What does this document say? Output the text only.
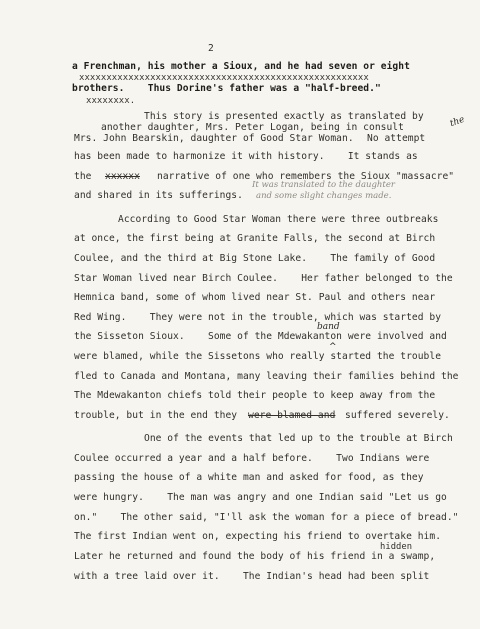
2
a Frenchman, his mother a Sioux, and he had seven or eight
xxxxxxxxxxxxxxxxxxxxxxxxxxxxxxxxxxxxxxxxxxxxxxxxxxxxx
brothers.    Thus Dorine's father was a "half-breed."
xxxxxxxx.
This story is presented exactly as translated by
another daughter, Mrs. Peter Logan, being in consult	the
Mrs. John Bearskin, daughter of Good Star Woman. No attempt
has been made to harmonize it with history.    It stands as
the xxxxxx narrative of one who remembers the Sioux "massacre"
and shared in its sufferings.
It was translated to the daughter
and some slight changes made.
According to Good Star Woman there were three outbreaks
at once, the first being at Granite Falls, the second at Birch
Coulee, and the third at Big Stone Lake.    The family of Good
Star Woman lived near Birch Coulee.    Her father belonged to the
Hemnica band, some of whom lived near St. Paul and others near
Red Wing.    They were not in the trouble, which was started by
band
the Sisseton Sioux.    Some of the Mdewakanton were involved and
^
were blamed, while the Sissetons who really started the trouble
fled to Canada and Montana, many leaving their families behind the
The Mdewakanton chiefs told their people to keep away from the
trouble, but in the end they were blamed and suffered severely.
One of the events that led up to the trouble at Birch
Coulee occurred a year and a half before.    Two Indians were
passing the house of a white man and asked for food, as they
were hungry.    The man was angry and one Indian said "Let us go
on."    The other said, "I'll ask the woman for a piece of bread."
The first Indian went on, expecting his friend to overtake him.
hidden
Later he returned and found the body of his friend in a swamp,
with a tree laid over it.    The Indian's head had been split
